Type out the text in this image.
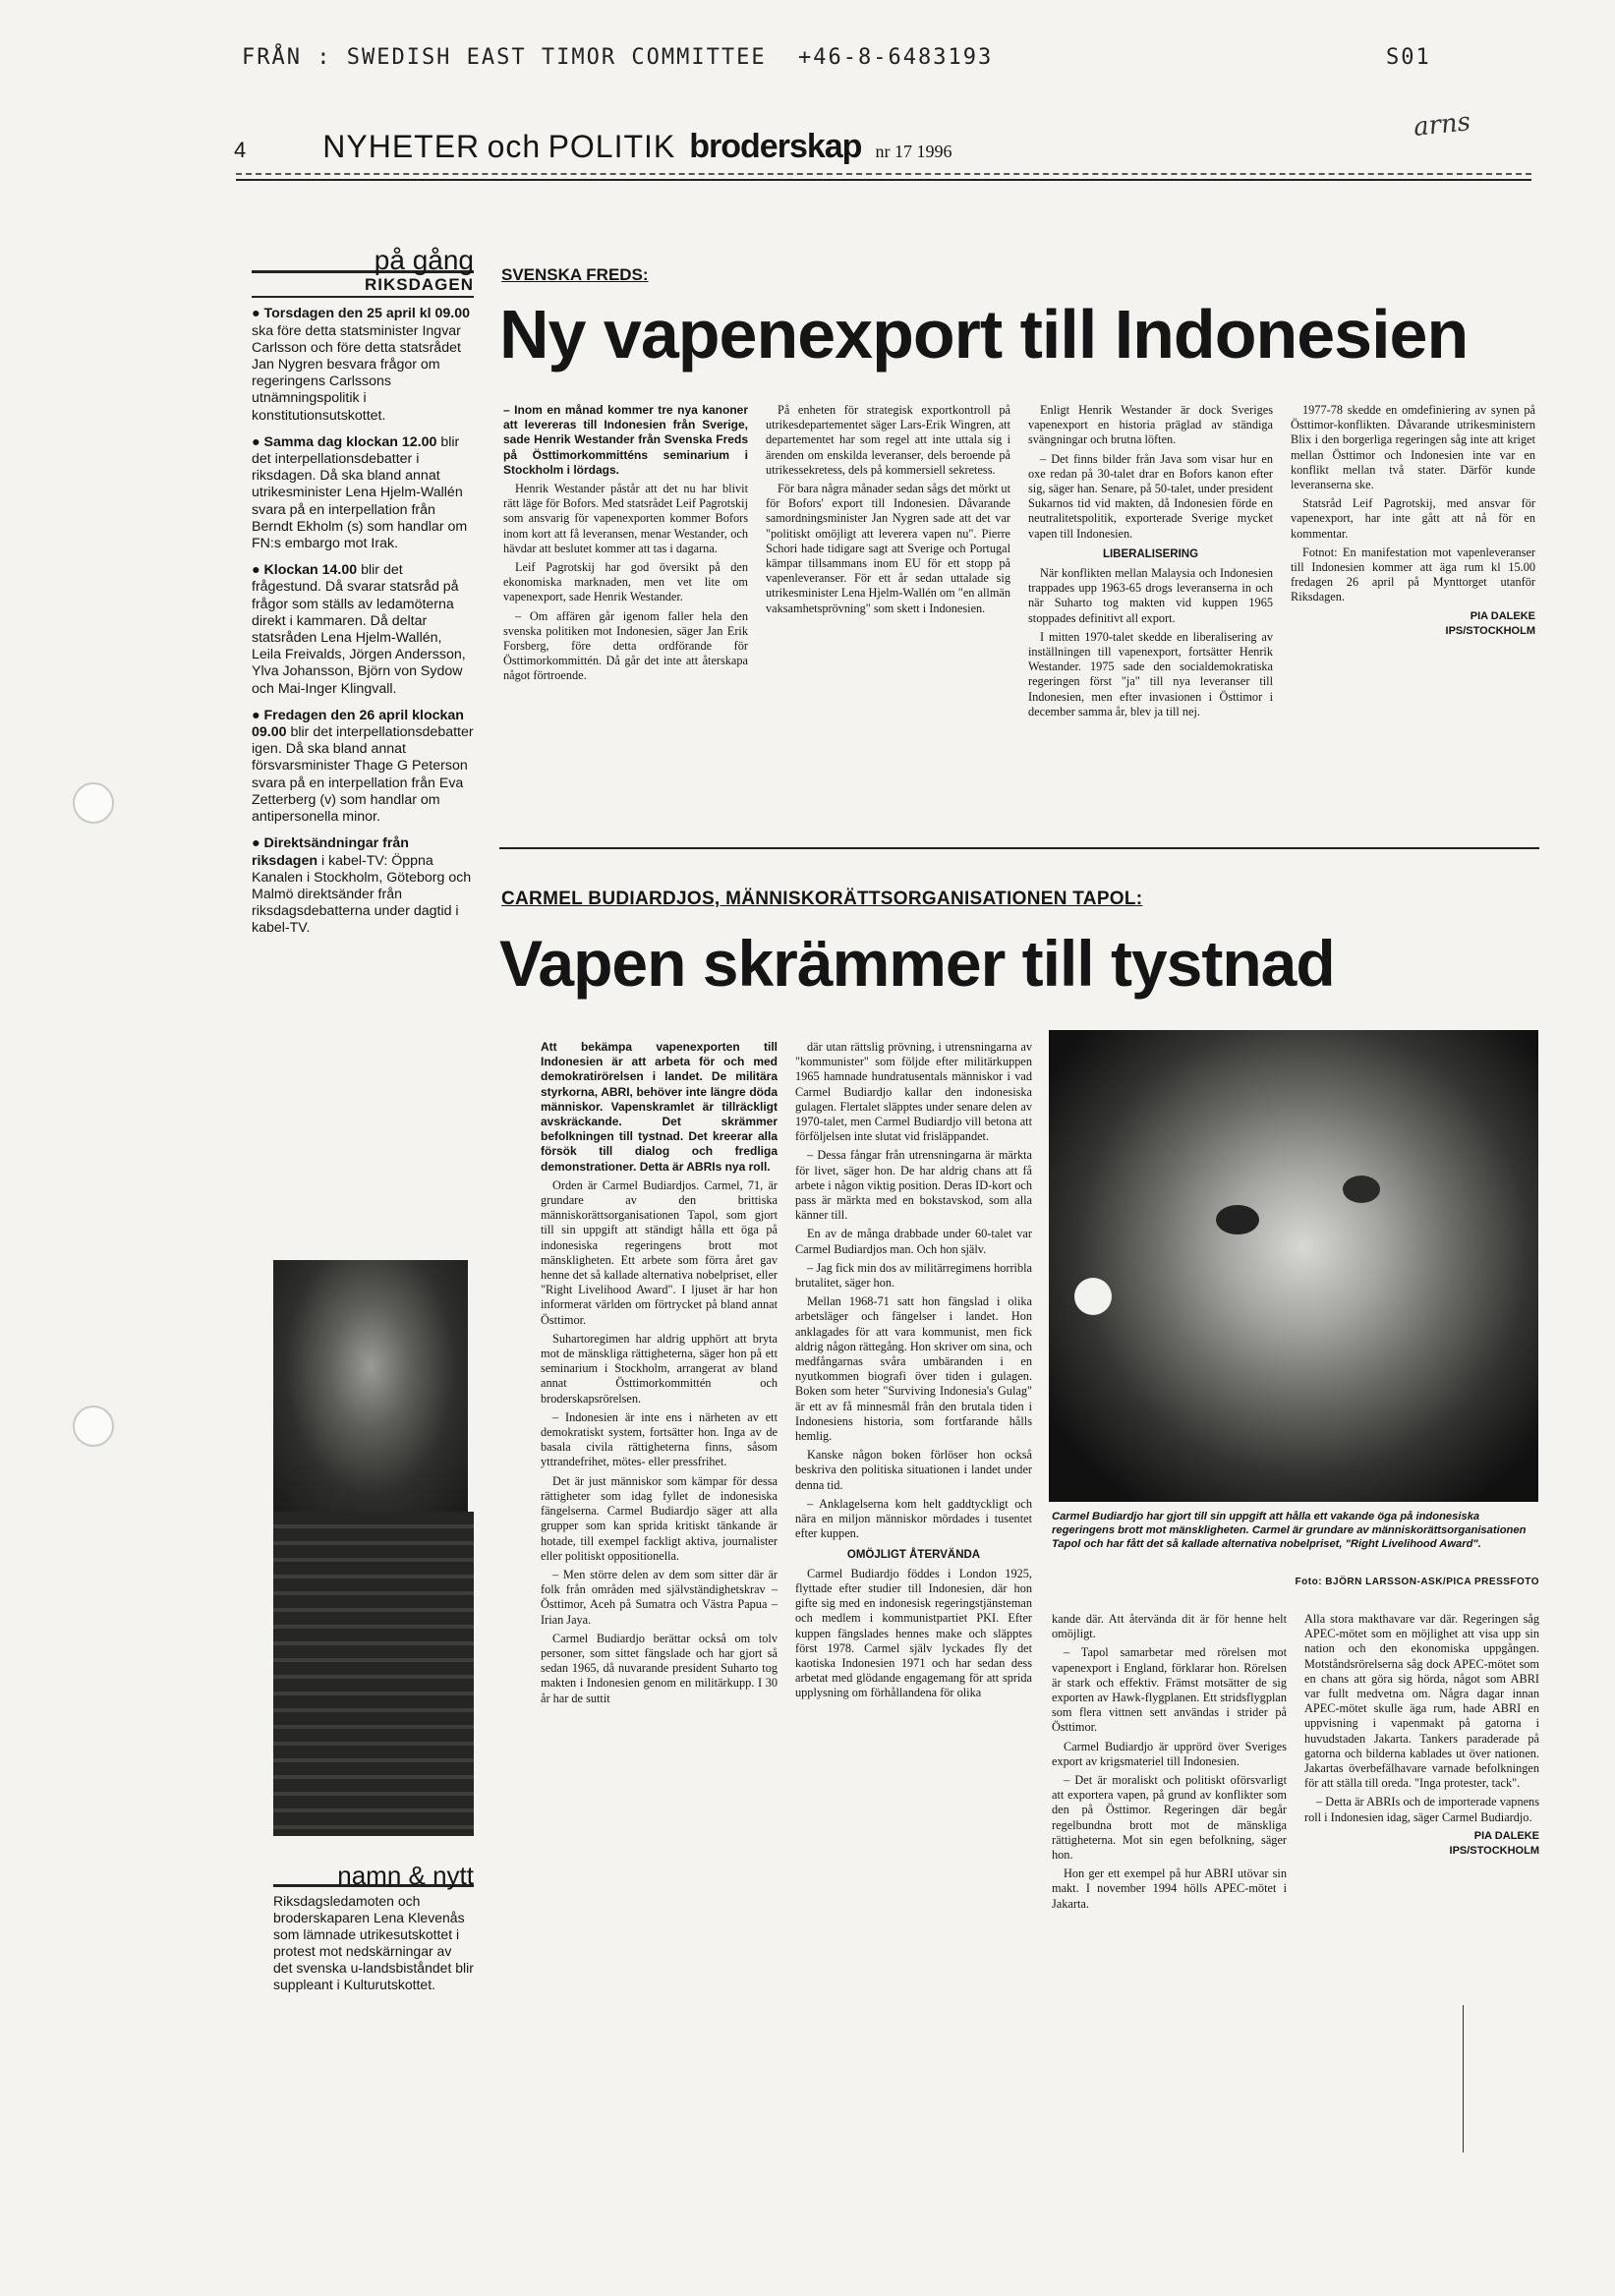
FRÅN : SWEDISH EAST TIMOR COMMITTEE +46-8-6483193	S01
arns
4 NYHETER och POLITIK broderskap nr 17 1996
på gång
RIKSDAGEN
● Torsdagen den 25 april kl 09.00 ska före detta statsminister Ingvar Carlsson och före detta statsrådet Jan Nygren besvara frågor om regeringens Carlssons utnämningspolitik i konstitutionsutskottet.
● Samma dag klockan 12.00 blir det interpellationsdebatter i riksdagen. Då ska bland annat utrikesminister Lena Hjelm-Wallén svara på en interpellation från Berndt Ekholm (s) som handlar om FN:s embargo mot Irak.
● Klockan 14.00 blir det frågestund. Då svarar statsråd på frågor som ställs av ledamöterna direkt i kammaren. Då deltar statsråden Lena Hjelm-Wallén, Leila Freivalds, Jörgen Andersson, Ylva Johansson, Björn von Sydow och Mai-Inger Klingvall.
● Fredagen den 26 april klockan 09.00 blir det interpellationsdebatter igen. Då ska bland annat försvarsminister Thage G Peterson svara på en interpellation från Eva Zetterberg (v) som handlar om antipersonella minor.
● Direktsändningar från riksdagen i kabel-TV: Öppna Kanalen i Stockholm, Göteborg och Malmö direktsänder från riksdagsdebatterna under dagtid i kabel-TV.
namn & nytt
Riksdagsledamoten och broderskaparen Lena Klevenås som lämnade utrikesutskottet i protest mot nedskärningar av det svenska u-landsbiståndet blir suppleant i Kulturutskottet.
SVENSKA FREDS:
Ny vapenexport till Indonesien

– Inom en månad kommer tre nya kanoner att levereras till Indonesien från Sverige, sade Henrik Westander från Svenska Freds på Östtimorkommitténs seminarium i Stockholm i lördags.

Henrik Westander påstår att det nu har blivit rätt läge för Bofors. Med statsrådet Leif Pagrotskij som ansvarig för vapenexporten kommer Bofors inom kort att få leveransen, menar Westander, och hävdar att beslutet kommer att tas i dagarna.

Leif Pagrotskij har god översikt på den ekonomiska marknaden, men vet lite om vapenexport, sade Henrik Westander.

– Om affären går igenom faller hela den svenska politiken mot Indonesien, säger Jan Erik Forsberg, före detta ordförande för Östtimorkommittén. Då går det inte att återskapa något förtroende.

På enheten för strategisk exportkontroll på utrikesdepartementet säger Lars-Erik Wingren, att departementet har som regel att inte uttala sig i ärenden om enskilda leveranser, dels beroende på utrikessekretess, dels på kommersiell sekretess.

För bara några månader sedan sågs det mörkt ut för Bofors' export till Indonesien. Dåvarande samordningsminister Jan Nygren sade att det var "politiskt omöjligt att leverera vapen nu". Pierre Schori hade tidigare sagt att Sverige och Portugal kämpar tillsammans inom EU för ett stopp på vapenleveranser. För ett år sedan uttalade sig utrikesminister Lena Hjelm-Wallén om "en allmän vaksamhetsprövning" som skett i Indonesien.

Enligt Henrik Westander är dock Sveriges vapenexport en historia präglad av ständiga svängningar och brutna löften.

– Det finns bilder från Java som visar hur en oxe redan på 30-talet drar en Bofors kanon efter sig, säger han. Senare, på 50-talet, under president Sukarnos tid vid makten, då Indonesien förde en neutralitetspolitik, exporterade Sverige mycket vapen till Indonesien.

LIBERALISERING

När konflikten mellan Malaysia och Indonesien trappades upp 1963-65 drogs leveranserna in och när Suharto tog makten vid kuppen 1965 stoppades definitivt all export.

I mitten 1970-talet skedde en liberalisering av inställningen till vapenexport, fortsätter Henrik Westander. 1975 sade den socialdemokratiska regeringen först "ja" till nya leveranser till Indonesien, men efter invasionen i Östtimor i december samma år, blev ja till nej.

1977-78 skedde en omdefiniering av synen på Östtimor-konflikten. Dåvarande utrikesministern Blix i den borgerliga regeringen såg inte att kriget mellan Östtimor och Indonesien inte var en konflikt mellan två stater. Därför kunde leveranserna ske.

Statsråd Leif Pagrotskij, med ansvar för vapenexport, har inte gått att nå för en kommentar.

Fotnot: En manifestation mot vapenleveranser till Indonesien kommer att äga rum kl 15.00 fredagen 26 april på Mynttorget utanför Riksdagen.

PIA DALEKE

IPS/STOCKHOLM

CARMEL BUDIARDJOS, MÄNNISKORÄTTSORGANISATIONEN TAPOL:
Vapen skrämmer till tystnad

Att bekämpa vapenexporten till Indonesien är att arbeta för och med demokratirörelsen i landet. De militära styrkorna, ABRI, behöver inte längre döda människor. Vapenskramlet är tillräckligt avskräckande. Det skrämmer befolkningen till tystnad. Det kreerar alla försök till dialog och fredliga demonstrationer. Detta är ABRIs nya roll.

Orden är Carmel Budiardjos. Carmel, 71, är grundare av den brittiska människorättsorganisationen Tapol, som gjort till sin uppgift att ständigt hålla ett öga på indonesiska regeringens brott mot mänskligheten. Ett arbete som förra året gav henne det så kallade alternativa nobelpriset, eller "Right Livelihood Award". I ljuset är har hon informerat världen om förtrycket på bland annat Östtimor.

Suhartoregimen har aldrig upphört att bryta mot de mänskliga rättigheterna, säger hon på ett seminarium i Stockholm, arrangerat av bland annat Östtimorkommittén och broderskapsrörelsen.

– Indonesien är inte ens i närheten av ett demokratiskt system, fortsätter hon. Inga av de basala civila rättigheterna finns, såsom yttrandefrihet, mötes- eller pressfrihet.

Det är just människor som kämpar för dessa rättigheter som idag fyllet de indonesiska fängelserna. Carmel Budiardjo säger att alla grupper som kan sprida kritiskt tänkande är hotade, till exempel fackligt aktiva, journalister eller politiskt oppositionella.

– Men större delen av dem som sitter där är folk från områden med självständighetskrav – Östtimor, Aceh på Sumatra och Västra Papua – Irian Jaya.

Carmel Budiardjo berättar också om tolv personer, som sittet fängslade och har gjort så sedan 1965, då nuvarande president Suharto tog makten i Indonesien genom en militärkupp. I 30 år har de suttit

där utan rättslig prövning, i utrensningarna av "kommunister" som följde efter militärkuppen 1965 hamnade hundratusentals människor i vad Carmel Budiardjo kallar den indonesiska gulagen. Flertalet släpptes under senare delen av 1970-talet, men Carmel Budiardjo vill betona att förföljelsen inte slutat vid frisläppandet.

– Dessa fångar från utrensningarna är märkta för livet, säger hon. De har aldrig chans att få arbete i någon viktig position. Deras ID-kort och pass är märkta med en bokstavskod, som alla känner till.

En av de många drabbade under 60-talet var Carmel Budiardjos man. Och hon själv.

– Jag fick min dos av militärregimens horribla brutalitet, säger hon.

Mellan 1968-71 satt hon fängslad i olika arbetsläger och fängelser i landet. Hon anklagades för att vara kommunist, men fick aldrig någon rättegång. Hon skriver om sina, och medfångarnas svåra umbäranden i en nyutkommen biografi över tiden i gulagen. Boken som heter "Surviving Indonesia's Gulag" är ett av få minnesmål från den brutala tiden i Indonesiens historia, som fortfarande hålls hemlig.

Kanske någon boken förlöser hon också beskriva den politiska situationen i landet under denna tid.

– Anklagelserna kom helt gaddtyckligt och nära en miljon människor mördades i tusentet efter kuppen.

OMÖJLIGT ÅTERVÄNDA

Carmel Budiardjo föddes i London 1925, flyttade efter studier till Indonesien, där hon gifte sig med en indonesisk regeringstjänsteman och medlem i kommunistpartiet PKI. Efter kuppen fängslades hennes make och släpptes först 1978. Carmel själv lyckades fly det kaotiska Indonesien 1971 och har sedan dess arbetat med glödande engagemang för att sprida upplysning om förhållandena för olika

Carmel Budiardjo har gjort till sin uppgift att hålla ett vakande öga på indonesiska regeringens brott mot mänskligheten. Carmel är grundare av människorättsorganisationen Tapol och har fått det så kallade alternativa nobelpriset, "Right Livelihood Award".
Foto: BJÖRN LARSSON-ASK/PICA PRESSFOTO

kande där. Att återvända dit är för henne helt omöjligt.

– Tapol samarbetar med rörelsen mot vapenexport i England, förklarar hon. Rörelsen är stark och effektiv. Främst motsätter de sig exporten av Hawk-flygplanen. Ett stridsflygplan som flera vittnen sett användas i strider på Östtimor.

Carmel Budiardjo är upprörd över Sveriges export av krigsmateriel till Indonesien.

– Det är moraliskt och politiskt oförsvarligt att exportera vapen, på grund av konflikter som den på Östtimor. Regeringen där begår regelbundna brott mot de mänskliga rättigheterna. Mot sin egen befolkning, säger hon.

Hon ger ett exempel på hur ABRI utövar sin makt. I november 1994 hölls APEC-mötet i Jakarta.

Alla stora makthavare var där. Regeringen såg APEC-mötet som en möjlighet att visa upp sin nation och den ekonomiska uppgången. Motståndsrörelserna såg dock APEC-mötet som en chans att göra sig hörda, något som ABRI var fullt medvetna om. Några dagar innan APEC-mötet skulle äga rum, hade ABRI en uppvisning i vapenmakt på gatorna i huvudstaden Jakarta. Tankers paraderade på gatorna och bilderna kablades ut över nationen. Jakartas överbefälhavare varnade befolkningen för att ställa till oreda. "Inga protester, tack".

– Detta är ABRIs och de importerade vapnens roll i Indonesien idag, säger Carmel Budiardjo.

PIA DALEKE

IPS/STOCKHOLM
